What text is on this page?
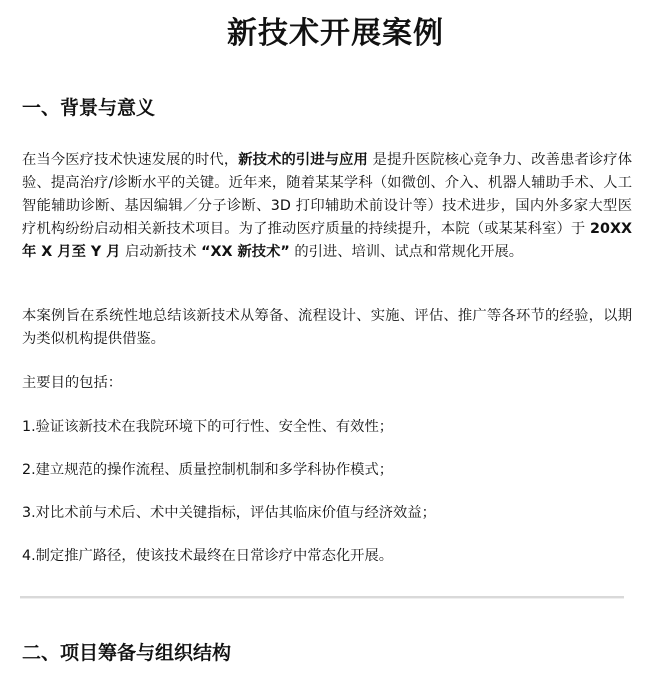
新技术开展案例
一、背景与意义
在当今医疗技术快速发展的时代，新技术的引进与应用 是提升医院核心竞争力、改善患者诊疗体验、提高治疗/诊断水平的关键。近年来，随着某某学科（如微创、介入、机器人辅助手术、人工智能辅助诊断、基因编辑／分子诊断、3D 打印辅助术前设计等）技术进步，国内外多家大型医疗机构纷纷启动相关新技术项目。为了推动医疗质量的持续提升，本院（或某某科室）于 20XX 年 X 月至 Y 月 启动新技术 “XX 新技术” 的引进、培训、试点和常规化开展。
本案例旨在系统性地总结该新技术从筹备、流程设计、实施、评估、推广等各环节的经验，以期为类似机构提供借鉴。
主要目的包括：
1.验证该新技术在我院环境下的可行性、安全性、有效性；
2.建立规范的操作流程、质量控制机制和多学科协作模式；
3.对比术前与术后、术中关键指标，评估其临床价值与经济效益；
4.制定推广路径，使该技术最终在日常诊疗中常态化开展。
二、项目筹备与组织结构
